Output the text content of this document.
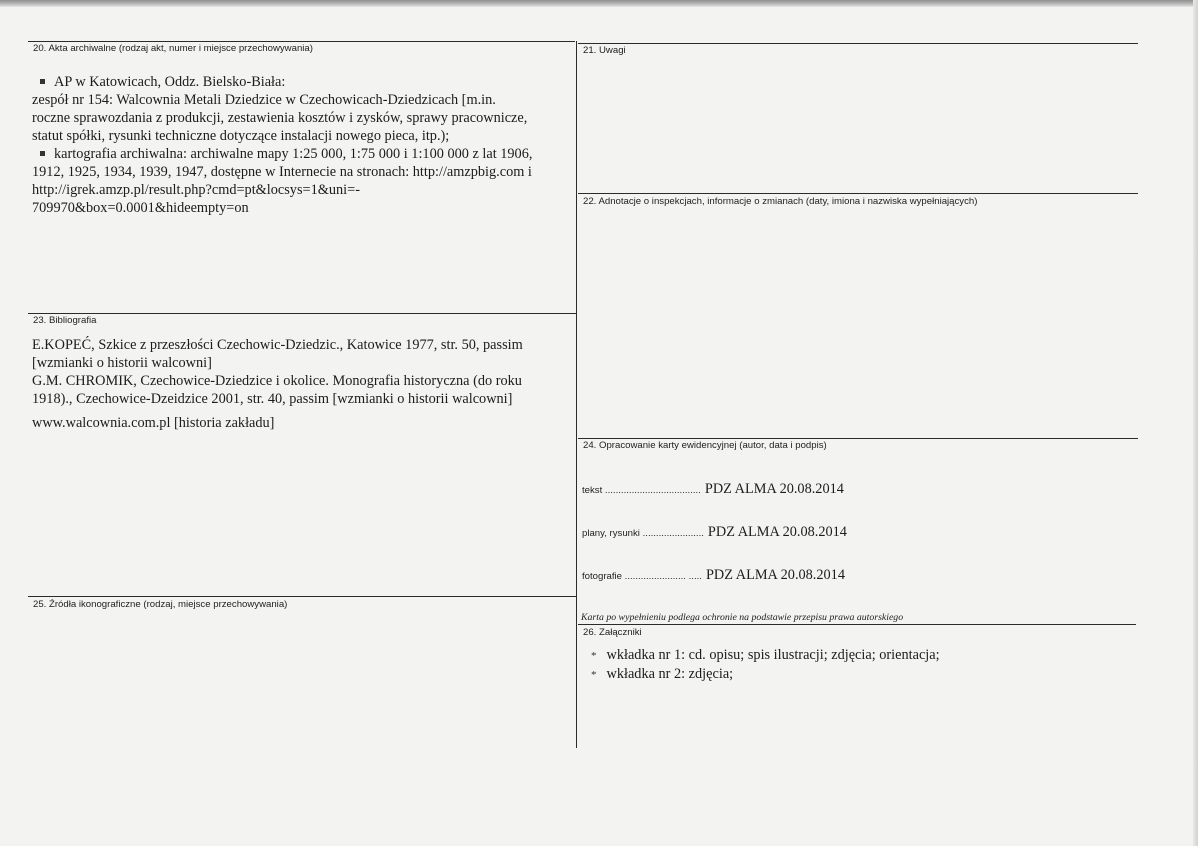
20. Akta archiwalne (rodzaj akt, numer i miejsce przechowywania)
AP w Katowicach, Oddz. Bielsko-Biała:
zespół nr 154: Walcownia Metali Dziedzice w Czechowicach-Dziedzicach [m.in.
roczne sprawozdania z produkcji, zestawienia kosztów i zysków, sprawy pracownicze,
statut spółki, rysunki techniczne dotyczące instalacji nowego pieca, itp.);
kartografia archiwalna: archiwalne mapy 1:25 000, 1:75 000 i 1:100 000 z lat 1906,
1912, 1925, 1934, 1939, 1947, dostępne w Internecie na stronach: http://amzpbig.com i
http://igrek.amzp.pl/result.php?cmd=pt&locsys=1&uni=-
709970&box=0.0001&hideempty=on
21. Uwagi
22. Adnotacje o inspekcjach, informacje o zmianach (daty, imiona i nazwiska wypełniających)
23. Bibliografia
E.KOPEĆ, Szkice z przeszłości Czechowic-Dziedzic., Katowice 1977, str. 50, passim
[wzmianki o historii walcowni]
G.M. CHROMIK, Czechowice-Dziedzice i okolice. Monografia historyczna (do roku
1918)., Czechowice-Dzeidzice 2001, str. 40, passim [wzmianki o historii walcowni]
www.walcownia.com.pl [historia zakładu]
24. Opracowanie karty ewidencyjnej (autor, data i podpis)
tekst .................................... PDZ ALMA 20.08.2014
plany, rysunki ....................... PDZ ALMA 20.08.2014
fotografie ....................... ..... PDZ ALMA 20.08.2014
Karta po wypełnieniu podlega ochronie na podstawie przepisu prawa autorskiego
25. Źródła ikonograficzne (rodzaj, miejsce przechowywania)
26. Załączniki
* wkładka nr 1: cd. opisu; spis ilustracji; zdjęcia; orientacja;
* wkładka nr 2: zdjęcia;
